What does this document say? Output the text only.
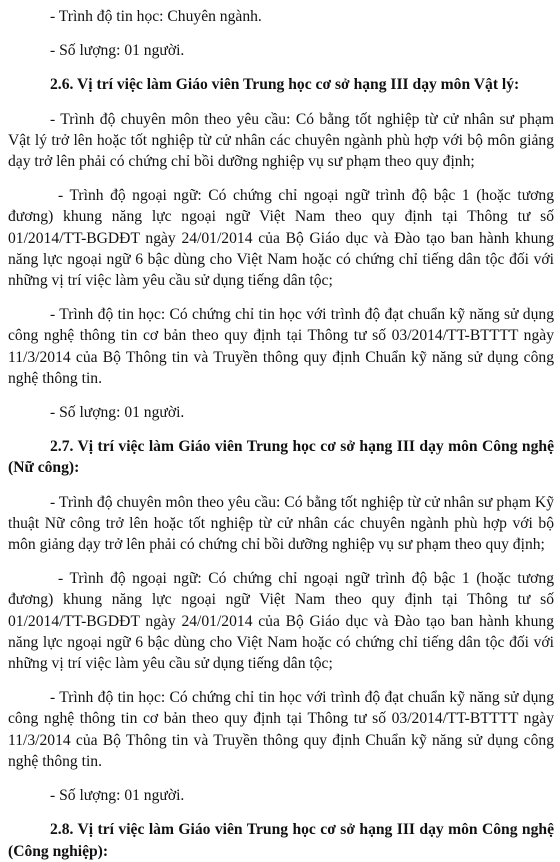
- Trình độ tin học: Chuyên ngành.

- Số lượng: 01 người.

2.6. Vị trí việc làm Giáo viên Trung học cơ sở hạng III dạy môn Vật lý:

- Trình độ chuyên môn theo yêu cầu: Có bằng tốt nghiệp từ cử nhân sư phạm Vật lý trở lên hoặc tốt nghiệp từ cử nhân các chuyên ngành phù hợp với bộ môn giảng dạy trở lên phải có chứng chỉ bồi dưỡng nghiệp vụ sư phạm theo quy định;

- Trình độ ngoại ngữ: Có chứng chỉ ngoại ngữ trình độ bậc 1 (hoặc tương đương) khung năng lực ngoại ngữ Việt Nam theo quy định tại Thông tư số 01/2014/TT-BGDĐT ngày 24/01/2014 của Bộ Giáo dục và Đào tạo ban hành khung năng lực ngoại ngữ 6 bậc dùng cho Việt Nam hoặc có chứng chỉ tiếng dân tộc đối với những vị trí việc làm yêu cầu sử dụng tiếng dân tộc;

- Trình độ tin học: Có chứng chỉ tin học với trình độ đạt chuẩn kỹ năng sử dụng công nghệ thông tin cơ bản theo quy định tại Thông tư số 03/2014/TT-BTTTT ngày 11/3/2014 của Bộ Thông tin và Truyền thông quy định Chuẩn kỹ năng sử dụng công nghệ thông tin.

- Số lượng: 01 người.

2.7. Vị trí việc làm Giáo viên Trung học cơ sở hạng III dạy môn Công nghệ (Nữ công):

- Trình độ chuyên môn theo yêu cầu: Có bằng tốt nghiệp từ cử nhân sư phạm Kỹ thuật Nữ công trở lên hoặc tốt nghiệp từ cử nhân các chuyên ngành phù hợp với bộ môn giảng dạy trở lên phải có chứng chỉ bồi dưỡng nghiệp vụ sư phạm theo quy định;

- Trình độ ngoại ngữ: Có chứng chỉ ngoại ngữ trình độ bậc 1 (hoặc tương đương) khung năng lực ngoại ngữ Việt Nam theo quy định tại Thông tư số 01/2014/TT-BGDĐT ngày 24/01/2014 của Bộ Giáo dục và Đào tạo ban hành khung năng lực ngoại ngữ 6 bậc dùng cho Việt Nam hoặc có chứng chỉ tiếng dân tộc đối với những vị trí việc làm yêu cầu sử dụng tiếng dân tộc;

- Trình độ tin học: Có chứng chỉ tin học với trình độ đạt chuẩn kỹ năng sử dụng công nghệ thông tin cơ bản theo quy định tại Thông tư số 03/2014/TT-BTTTT ngày 11/3/2014 của Bộ Thông tin và Truyền thông quy định Chuẩn kỹ năng sử dụng công nghệ thông tin.

- Số lượng: 01 người.

2.8. Vị trí việc làm Giáo viên Trung học cơ sở hạng III dạy môn Công nghệ (Công nghiệp):
